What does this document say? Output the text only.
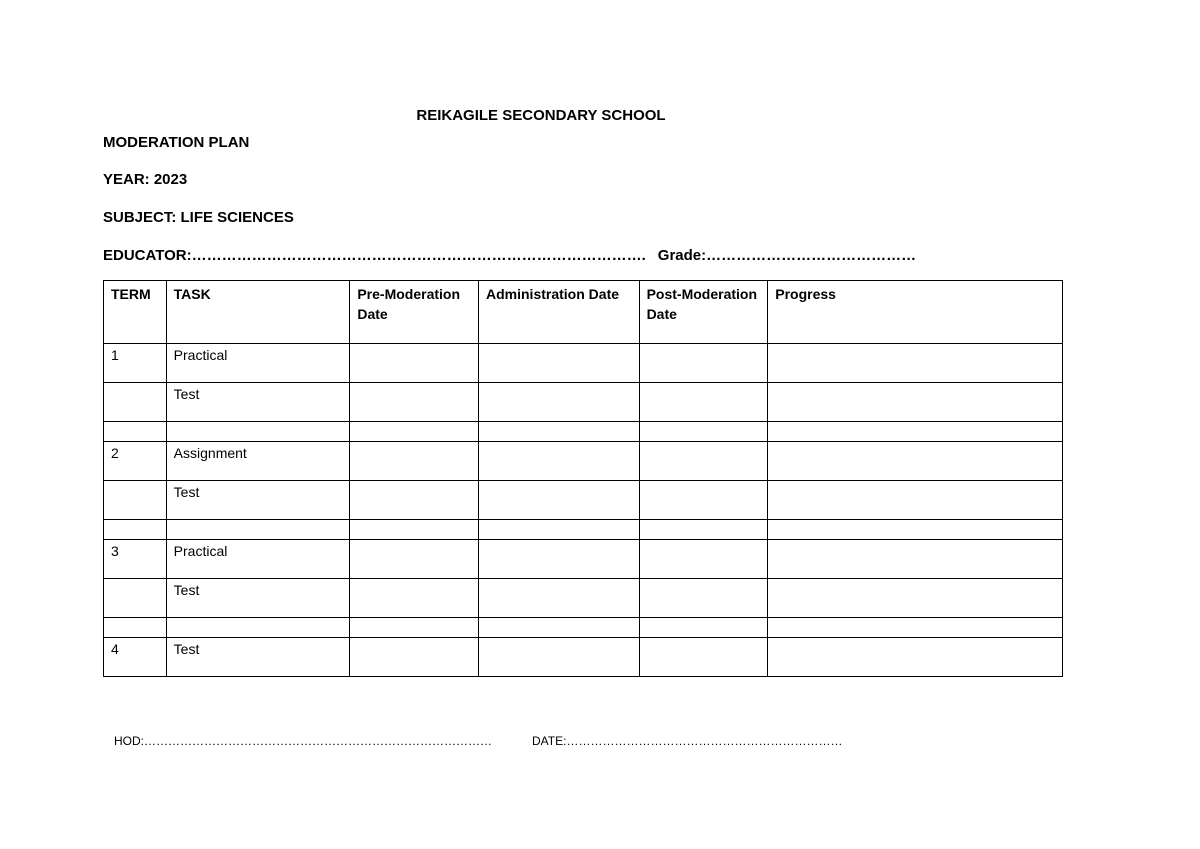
REIKAGILE SECONDARY SCHOOL
MODERATION PLAN
YEAR: 2023
SUBJECT: LIFE SCIENCES
EDUCATOR:………………………………………………………………………………. Grade:……………………………………
TERM	TASK	Pre-Moderation Date	Administration Date	Post-Moderation Date	Progress
1	Practical				
	Test				

2	Assignment				
	Test				

3	Practical				
	Test				

4	Test				
HOD:……………………………………………………………………………	DATE:……………………………………………………………
